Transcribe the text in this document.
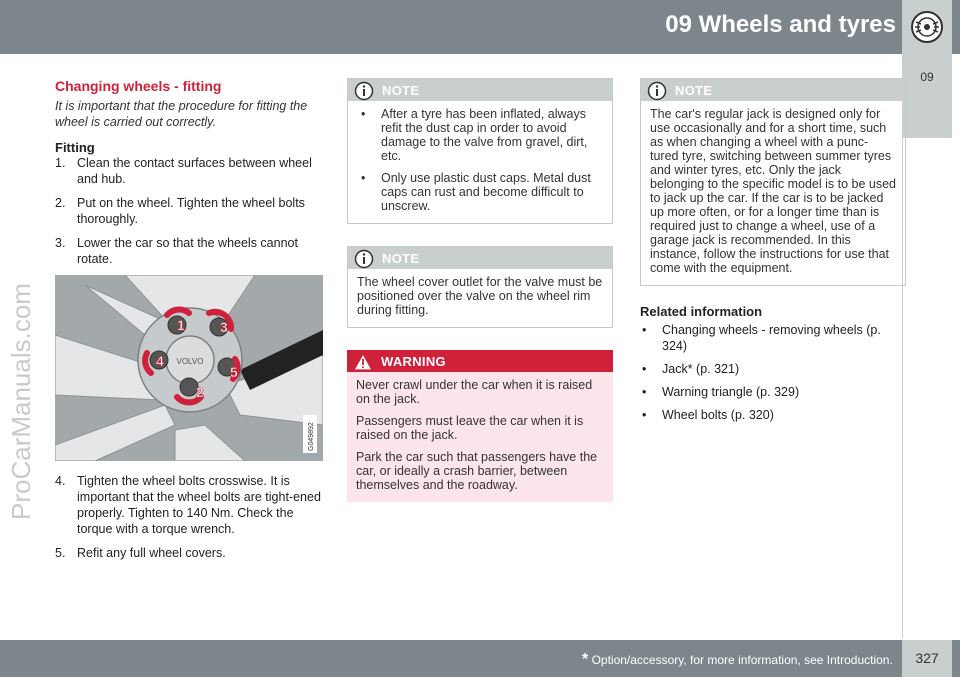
09 Wheels and tyres
09
ProCarManuals.com
Changing wheels - fitting
It is important that the procedure for fitting the wheel is carried out correctly.
Fitting
1. Clean the contact surfaces between wheel and hub.
2. Put on the wheel. Tighten the wheel bolts thoroughly.
3. Lower the car so that the wheels cannot rotate.
VOLVO
1
2
3
4
5
G049892
4. Tighten the wheel bolts crosswise. It is important that the wheel bolts are tight-ened properly. Tighten to 140 Nm. Check the torque with a torque wrench.
5. Refit any full wheel covers.
NOTE
• After a tyre has been inflated, always refit the dust cap in order to avoid damage to the valve from gravel, dirt, etc.
• Only use plastic dust caps. Metal dust caps can rust and become difficult to unscrew.
NOTE

The wheel cover outlet for the valve must be positioned over the valve on the wheel rim during fitting.

WARNING

Never crawl under the car when it is raised on the jack.

Passengers must leave the car when it is raised on the jack.

Park the car such that passengers have the car, or ideally a crash barrier, between themselves and the roadway.

NOTE

The car's regular jack is designed only for use occasionally and for a short time, such as when changing a wheel with a punc-tured tyre, switching between summer tyres and winter tyres, etc. Only the jack belonging to the specific model is to be used to jack up the car. If the car is to be jacked up more often, or for a longer time than is required just to change a wheel, use of a garage jack is recommended. In this instance, follow the instructions for use that come with the equipment.

Related information
• Changing wheels - removing wheels (p. 324)
• Jack* (p. 321)
• Warning triangle (p. 329)
• Wheel bolts (p. 320)
* Option/accessory, for more information, see Introduction.	327
